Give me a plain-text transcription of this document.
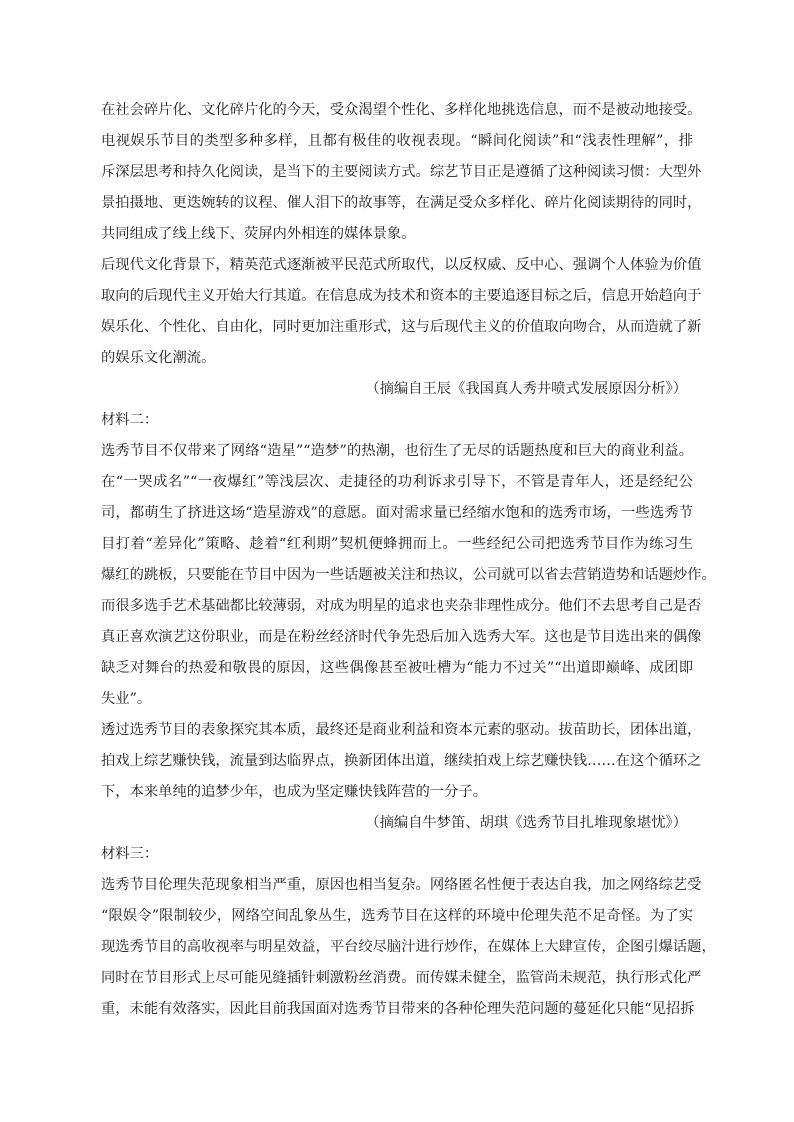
在社会碎片化、文化碎片化的今天，受众渴望个性化、多样化地挑选信息，而不是被动地接受。
电视娱乐节目的类型多种多样，且都有极佳的收视表现。“瞬间化阅读”和“浅表性理解”，排
斥深层思考和持久化阅读，是当下的主要阅读方式。综艺节目正是遵循了这种阅读习惯：大型外
景拍摄地、更迭婉转的议程、催人泪下的故事等，在满足受众多样化、碎片化阅读期待的同时，
共同组成了线上线下、荧屏内外相连的媒体景象。
后现代文化背景下，精英范式逐渐被平民范式所取代，以反权威、反中心、强调个人体验为价值
取向的后现代主义开始大行其道。在信息成为技术和资本的主要追逐目标之后，信息开始趋向于
娱乐化、个性化、自由化，同时更加注重形式，这与后现代主义的价值取向吻合，从而造就了新
的娱乐文化潮流。
（摘编自王辰《我国真人秀井喷式发展原因分析》）
材料二：
选秀节目不仅带来了网络“造星”“造梦”的热潮，也衍生了无尽的话题热度和巨大的商业利益。
在“一哭成名”“一夜爆红”等浅层次、走捷径的功利诉求引导下，不管是青年人，还是经纪公
司，都萌生了挤进这场“造星游戏”的意愿。面对需求量已经缩水饱和的选秀市场，一些选秀节
目打着“差异化”策略、趁着“红利期”契机便蜂拥而上。一些经纪公司把选秀节目作为练习生
爆红的跳板，只要能在节目中因为一些话题被关注和热议，公司就可以省去营销造势和话题炒作。
而很多选手艺术基础都比较薄弱，对成为明星的追求也夹杂非理性成分。他们不去思考自己是否
真正喜欢演艺这份职业，而是在粉丝经济时代争先恐后加入选秀大军。这也是节目选出来的偶像
缺乏对舞台的热爱和敬畏的原因，这些偶像甚至被吐槽为“能力不过关”“出道即巅峰、成团即
失业”。
透过选秀节目的表象探究其本质，最终还是商业利益和资本元素的驱动。拔苗助长，团体出道，
拍戏上综艺赚快钱，流量到达临界点，换新团体出道，继续拍戏上综艺赚快钱……在这个循环之
下，本来单纯的追梦少年，也成为坚定赚快钱阵营的一分子。
（摘编自牛梦笛、胡琪《选秀节目扎堆现象堪忧》）
材料三：
选秀节目伦理失范现象相当严重，原因也相当复杂。网络匿名性便于表达自我，加之网络综艺受
“限娱令”限制较少，网络空间乱象丛生，选秀节目在这样的环境中伦理失范不足奇怪。为了实
现选秀节目的高收视率与明星效益，平台绞尽脑汁进行炒作，在媒体上大肆宣传，企图引爆话题，
同时在节目形式上尽可能见缝插针刺激粉丝消费。而传媒未健全，监管尚未规范，执行形式化严
重，未能有效落实，因此目前我国面对选秀节目带来的各种伦理失范问题的蔓延化只能“见招拆
